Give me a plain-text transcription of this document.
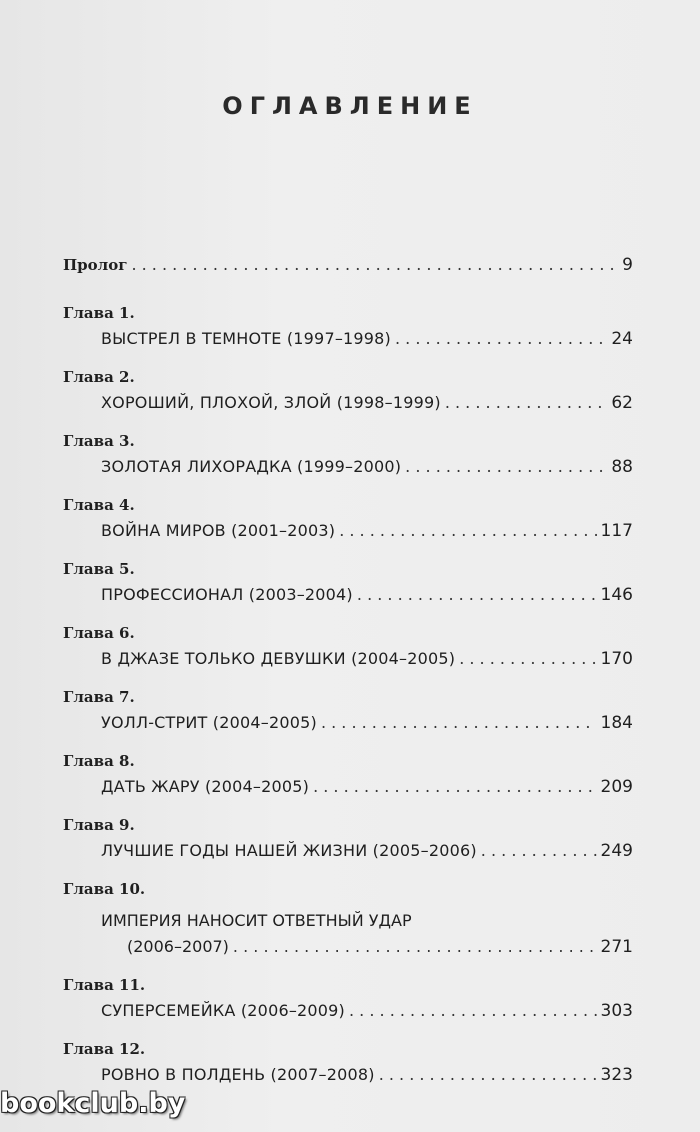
ОГЛАВЛЕНИЕ
Пролог . . .	9
Глава 1.
ВЫСТРЕЛ В ТЕМНОТЕ (1997–1998) . . .	24
Глава 2.
ХОРОШИЙ, ПЛОХОЙ, ЗЛОЙ (1998–1999) . . .	62
Глава 3.
ЗОЛОТАЯ ЛИХОРАДКА (1999–2000) . . .	88
Глава 4.
ВОЙНА МИРОВ (2001–2003) . . .	117
Глава 5.
ПРОФЕССИОНАЛ (2003–2004) . . .	146
Глава 6.
В ДЖАЗЕ ТОЛЬКО ДЕВУШКИ (2004–2005) . . .	170
Глава 7.
УОЛЛ-СТРИТ (2004–2005) . . .	184
Глава 8.
ДАТЬ ЖАРУ (2004–2005) . . .	209
Глава 9.
ЛУЧШИЕ ГОДЫ НАШЕЙ ЖИЗНИ (2005–2006) . . .	249
Глава 10.
ИМПЕРИЯ НАНОСИТ ОТВЕТНЫЙ УДАР
(2006–2007) . . .	271
Глава 11.
СУПЕРСЕМЕЙКА (2006–2009) . . .	303
Глава 12.
РОВНО В ПОЛДЕНЬ (2007–2008) . . .	323
bookclub.by
